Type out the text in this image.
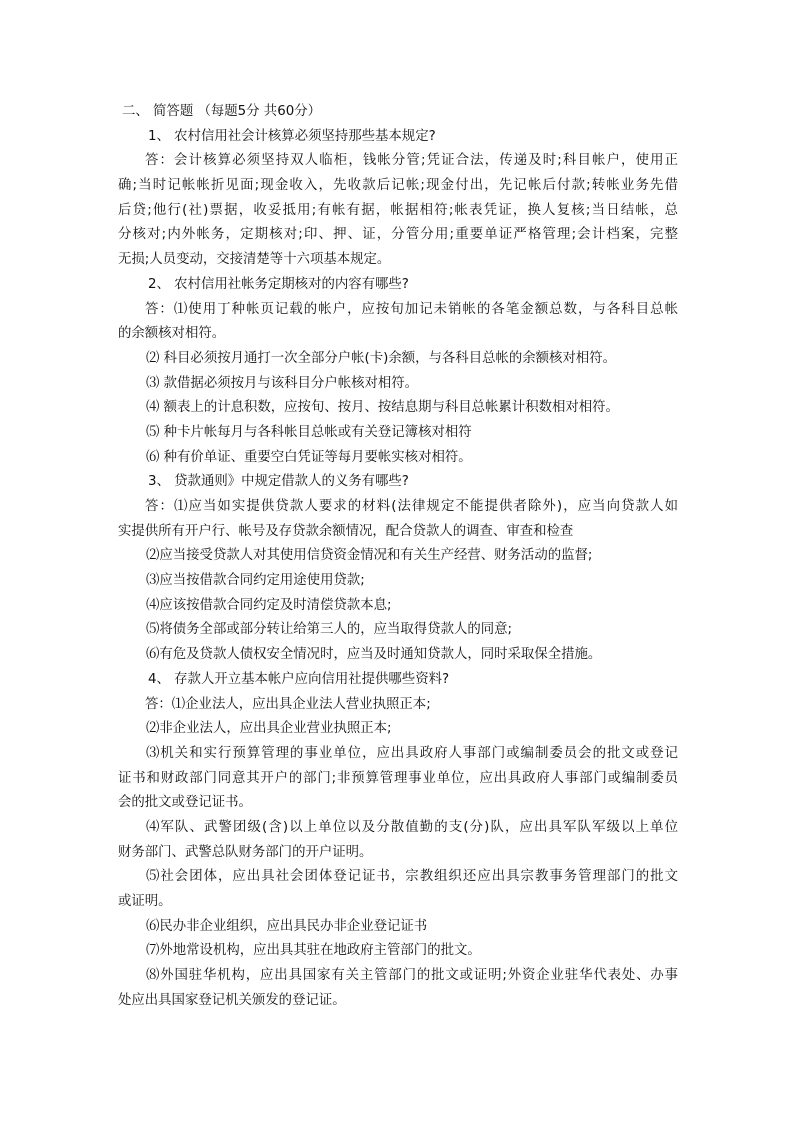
二、 简答题 （每题5分 共60分）
1、 农村信用社会计核算必须坚持那些基本规定?
答：会计核算必须坚持双人临柜，钱帐分管;凭证合法，传递及时;科目帐户，使用正
确;当时记帐帐折见面;现金收入，先收款后记帐;现金付出，先记帐后付款;转帐业务先借
后贷;他行(社)票据，收妥抵用;有帐有据，帐据相符;帐表凭证，换人复核;当日结帐，总
分核对;内外帐务，定期核对;印、押、证，分管分用;重要单证严格管理;会计档案，完整
无损;人员变动，交接清楚等十六项基本规定。
2、 农村信用社帐务定期核对的内容有哪些?
答：⑴使用丁种帐页记载的帐户，应按旬加记未销帐的各笔金额总数，与各科目总帐
的余额核对相符。
⑵ 科目必须按月通打一次全部分户帐(卡)余额，与各科目总帐的余额核对相符。
⑶ 款借据必须按月与该科目分户帐核对相符。
⑷ 额表上的计息积数，应按旬、按月、按结息期与科目总帐累计积数相对相符。
⑸ 种卡片帐每月与各科帐目总帐或有关登记簿核对相符
⑹ 种有价单证、重要空白凭证等每月要帐实核对相符。
3、 贷款通则》中规定借款人的义务有哪些?
答：⑴应当如实提供贷款人要求的材料(法律规定不能提供者除外)，应当向贷款人如
实提供所有开户行、帐号及存贷款余额情况，配合贷款人的调查、审查和检查
⑵应当接受贷款人对其使用信贷资金情况和有关生产经营、财务活动的监督;
⑶应当按借款合同约定用途使用贷款;
⑷应该按借款合同约定及时清偿贷款本息;
⑸将债务全部或部分转让给第三人的，应当取得贷款人的同意;
⑹有危及贷款人债权安全情况时，应当及时通知贷款人，同时采取保全措施。
4、 存款人开立基本帐户应向信用社提供哪些资料?
答：⑴企业法人，应出具企业法人营业执照正本;
⑵非企业法人，应出具企业营业执照正本;
⑶机关和实行预算管理的事业单位，应出具政府人事部门或编制委员会的批文或登记
证书和财政部门同意其开户的部门;非预算管理事业单位，应出具政府人事部门或编制委员
会的批文或登记证书。
⑷军队、武警团级(含)以上单位以及分散值勤的支(分)队，应出具军队军级以上单位
财务部门、武警总队财务部门的开户证明。
⑸社会团体，应出具社会团体登记证书，宗教组织还应出具宗教事务管理部门的批文
或证明。
⑹民办非企业组织，应出具民办非企业登记证书
⑺外地常设机构，应出具其驻在地政府主管部门的批文。
⑻外国驻华机构，应出具国家有关主管部门的批文或证明;外资企业驻华代表处、办事
处应出具国家登记机关颁发的登记证。
